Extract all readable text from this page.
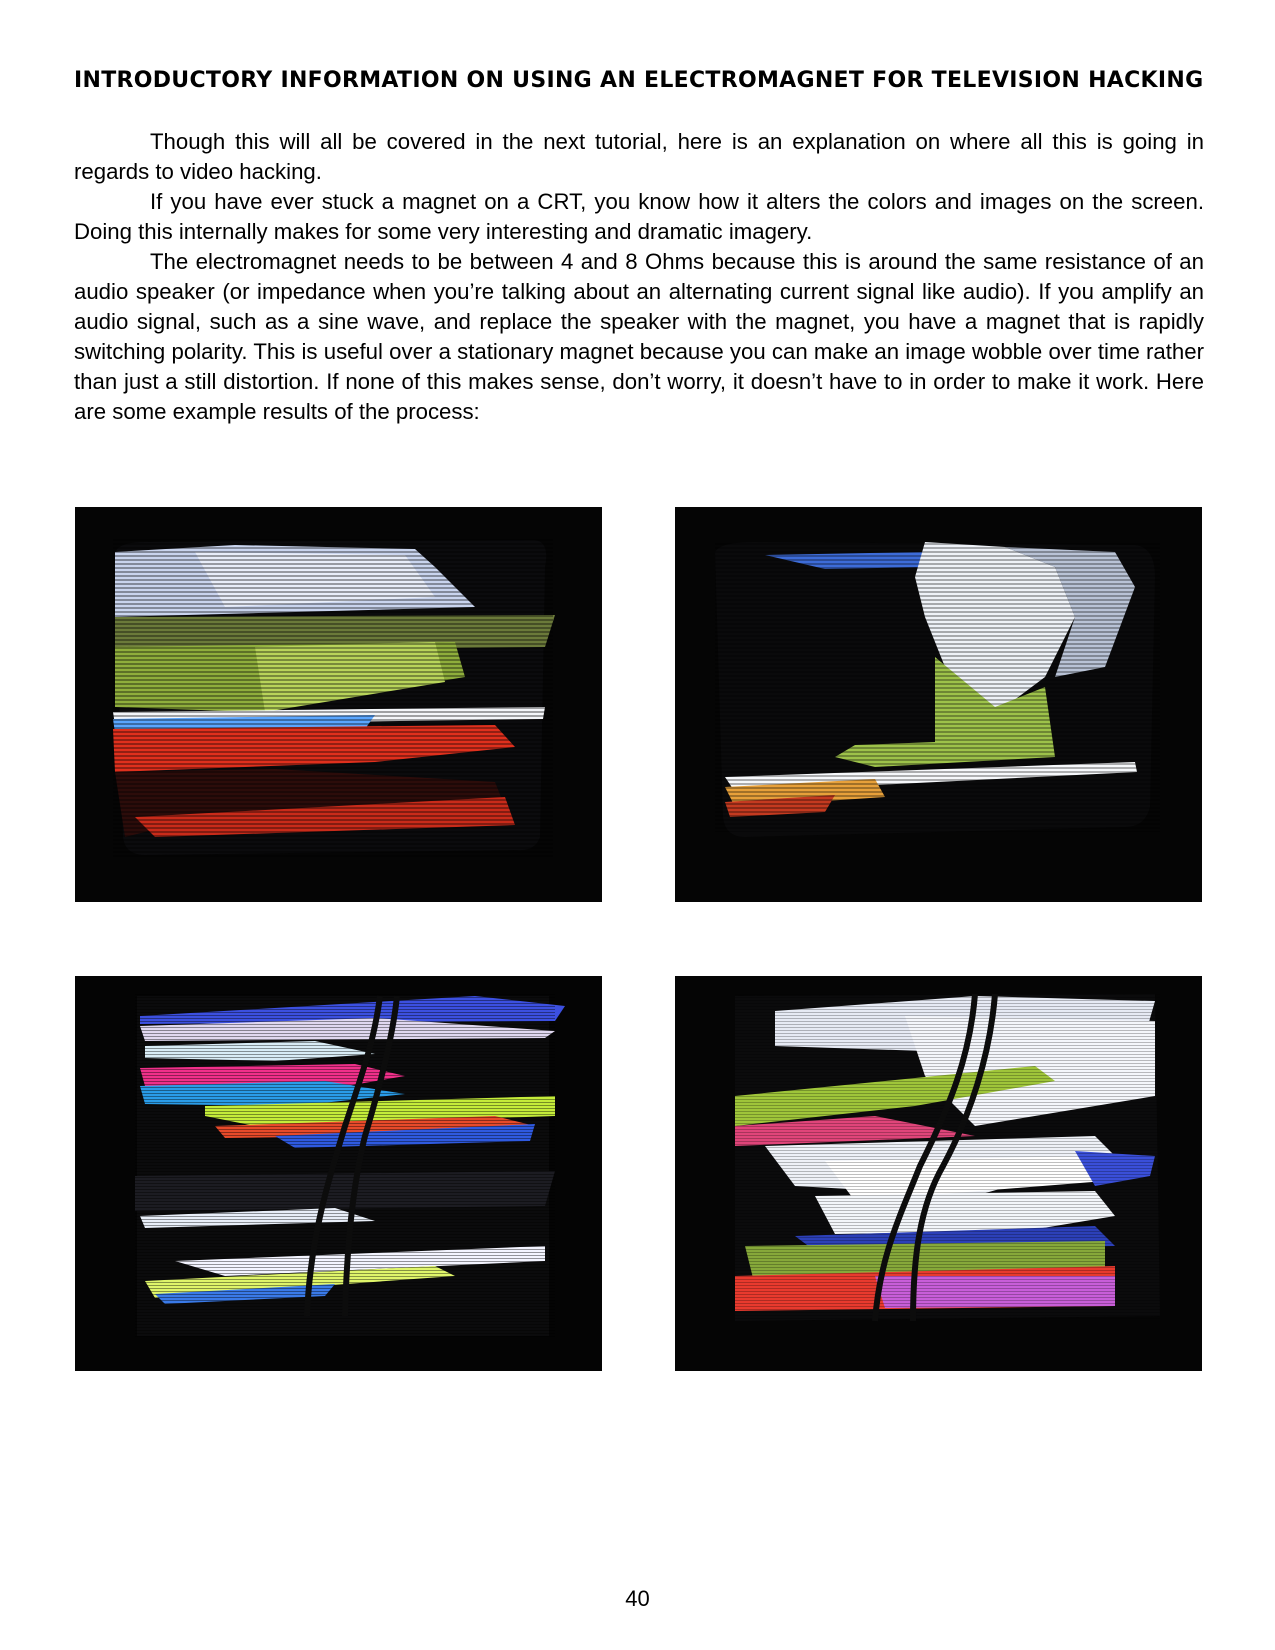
INTRODUCTORY INFORMATION ON USING AN ELECTROMAGNET FOR TELEVISION HACKING

Though this will all be covered in the next tutorial, here is an explanation on where all this is going in regards to video hacking.

If you have ever stuck a magnet on a CRT, you know how it alters the colors and images on the screen. Doing this internally makes for some very interesting and dramatic imagery.

The electromagnet needs to be between 4 and 8 Ohms because this is around the same resistance of an audio speaker (or impedance when you’re talking about an alternating current signal like audio). If you amplify an audio signal, such as a sine wave, and replace the speaker with the magnet, you have a magnet that is rapidly switching polarity. This is useful over a stationary magnet because you can make an image wobble over time rather than just a still distortion. If none of this makes sense, don’t worry, it doesn’t have to in order to make it work. Here are some example results of the process:

40
